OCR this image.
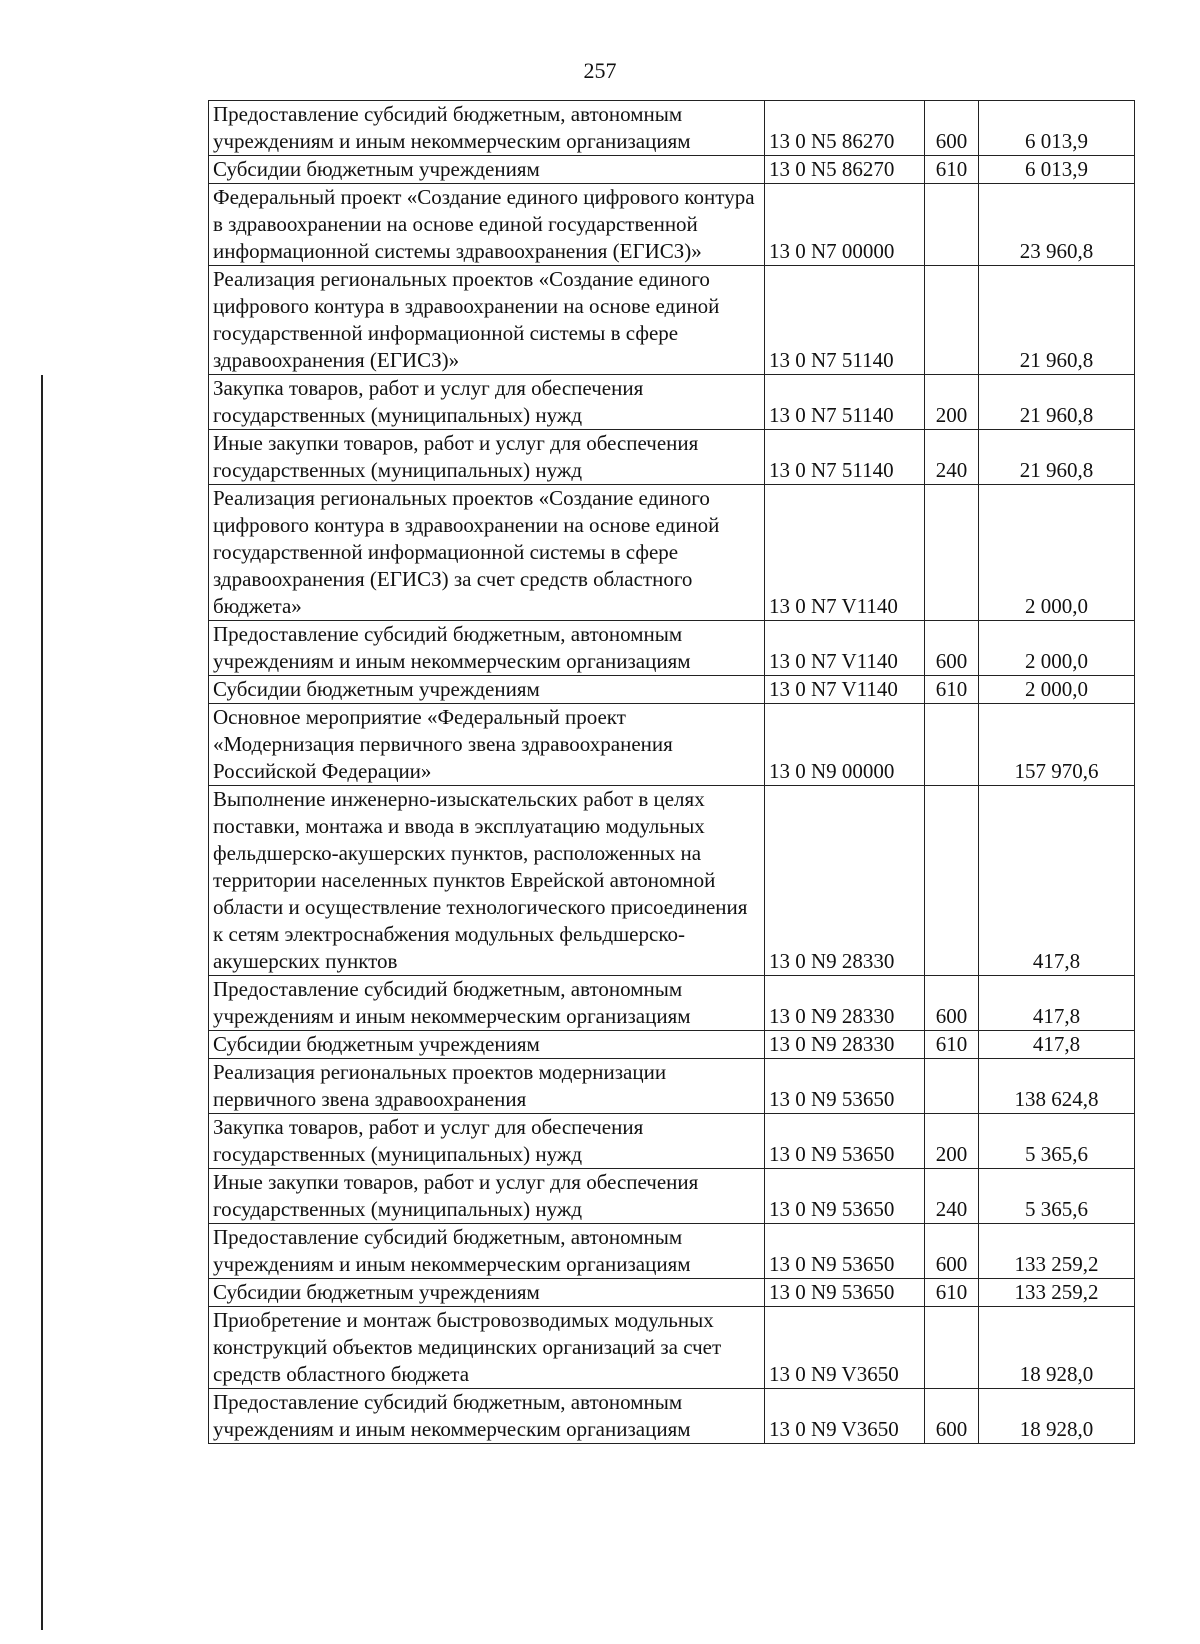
257
Предоставление субсидий бюджетным, автономным учреждениям и иным некоммерческим организациям	13 0 N5 86270	600	6 013,9
Субсидии бюджетным учреждениям	13 0 N5 86270	610	6 013,9
Федеральный проект «Создание единого цифрового контура в здравоохранении на основе единой государственной информационной системы здравоохранения (ЕГИСЗ)»	13 0 N7 00000		23 960,8
Реализация региональных проектов «Создание единого цифрового контура в здравоохранении на основе единой государственной информационной системы в сфере здравоохранения (ЕГИСЗ)»	13 0 N7 51140		21 960,8
Закупка товаров, работ и услуг для обеспечения государственных (муниципальных) нужд	13 0 N7 51140	200	21 960,8
Иные закупки товаров, работ и услуг для обеспечения государственных (муниципальных) нужд	13 0 N7 51140	240	21 960,8
Реализация региональных проектов «Создание единого цифрового контура в здравоохранении на основе единой государственной информационной системы в сфере здравоохранения (ЕГИСЗ) за счет средств областного бюджета»	13 0 N7 V1140		2 000,0
Предоставление субсидий бюджетным, автономным учреждениям и иным некоммерческим организациям	13 0 N7 V1140	600	2 000,0
Субсидии бюджетным учреждениям	13 0 N7 V1140	610	2 000,0
Основное мероприятие «Федеральный проект «Модернизация первичного звена здравоохранения Российской Федерации»	13 0 N9 00000		157 970,6
Выполнение инженерно-изыскательских работ в целях поставки, монтажа и ввода в эксплуатацию модульных фельдшерско-акушерских пунктов, расположенных на территории населенных пунктов Еврейской автономной области и осуществление технологического присоединения к сетям электроснабжения модульных фельдшерско-акушерских пунктов	13 0 N9 28330		417,8
Предоставление субсидий бюджетным, автономным учреждениям и иным некоммерческим организациям	13 0 N9 28330	600	417,8
Субсидии бюджетным учреждениям	13 0 N9 28330	610	417,8
Реализация региональных проектов модернизации первичного звена здравоохранения	13 0 N9 53650		138 624,8
Закупка товаров, работ и услуг для обеспечения государственных (муниципальных) нужд	13 0 N9 53650	200	5 365,6
Иные закупки товаров, работ и услуг для обеспечения государственных (муниципальных) нужд	13 0 N9 53650	240	5 365,6
Предоставление субсидий бюджетным, автономным учреждениям и иным некоммерческим организациям	13 0 N9 53650	600	133 259,2
Субсидии бюджетным учреждениям	13 0 N9 53650	610	133 259,2
Приобретение и монтаж быстровозводимых модульных конструкций объектов медицинских организаций за счет средств областного бюджета	13 0 N9 V3650		18 928,0
Предоставление субсидий бюджетным, автономным учреждениям и иным некоммерческим организациям	13 0 N9 V3650	600	18 928,0
